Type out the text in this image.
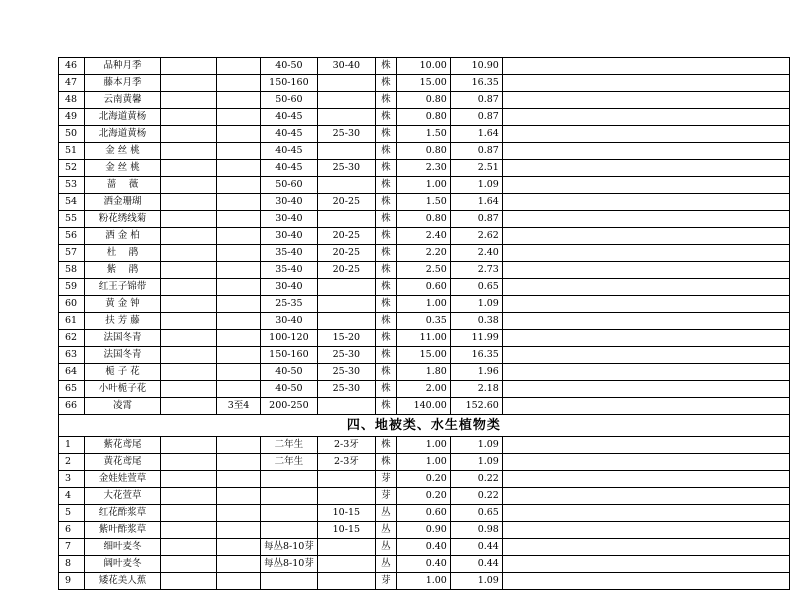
46	品种月季			40-50	30-40	株	10.00	10.90	
47	藤本月季			150-160		株	15.00	16.35	
48	云南黄馨			50-60		株	0.80	0.87	
49	北海道黄杨			40-45		株	0.80	0.87	
50	北海道黄杨			40-45	25-30	株	1.50	1.64	
51	金 丝 桃			40-45		株	0.80	0.87	
52	金 丝 桃			40-45	25-30	株	2.30	2.51	
53	蔷　 薇			50-60		株	1.00	1.09	
54	洒金珊瑚			30-40	20-25	株	1.50	1.64	
55	粉花绣线菊			30-40		株	0.80	0.87	
56	洒 金 柏			30-40	20-25	株	2.40	2.62	
57	杜　 鹃			35-40	20-25	株	2.20	2.40	
58	紫　 鹃			35-40	20-25	株	2.50	2.73	
59	红王子锦带			30-40		株	0.60	0.65	
60	黄 金 钟			25-35		株	1.00	1.09	
61	扶 芳 藤			30-40		株	0.35	0.38	
62	法国冬青			100-120	15-20	株	11.00	11.99	
63	法国冬青			150-160	25-30	株	15.00	16.35	
64	栀 子 花			40-50	25-30	株	1.80	1.96	
65	小叶栀子花			40-50	25-30	株	2.00	2.18	
66	凌霄		3至4	200-250		株	140.00	152.60	
四、地被类、水生植物类									
1	紫花鸢尾			二年生	2-3牙	株	1.00	1.09	
2	黄花鸢尾			二年生	2-3牙	株	1.00	1.09	
3	金娃娃萱草					芽	0.20	0.22	
4	大花萱草					芽	0.20	0.22	
5	红花酢浆草				10-15	丛	0.60	0.65	
6	紫叶酢浆草				10-15	丛	0.90	0.98	
7	细叶麦冬			每丛8-10芽		丛	0.40	0.44	
8	阔叶麦冬			每丛8-10芽		丛	0.40	0.44	
9	矮花美人蕉					芽	1.00	1.09	
